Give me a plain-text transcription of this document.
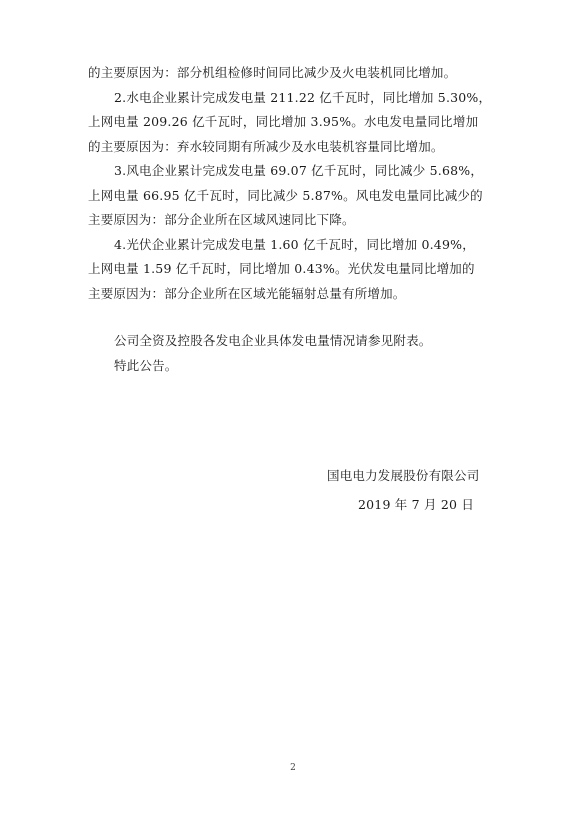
的主要原因为：部分机组检修时间同比减少及火电装机同比增加。
2.水电企业累计完成发电量 211.22 亿千瓦时，同比增加 5.30%，
上网电量 209.26 亿千瓦时，同比增加 3.95%。水电发电量同比增加
的主要原因为：弃水较同期有所减少及水电装机容量同比增加。
3.风电企业累计完成发电量 69.07 亿千瓦时，同比减少 5.68%，
上网电量 66.95 亿千瓦时，同比减少 5.87%。风电发电量同比减少的
主要原因为：部分企业所在区域风速同比下降。
4.光伏企业累计完成发电量 1.60 亿千瓦时，同比增加 0.49%，
上网电量 1.59 亿千瓦时，同比增加 0.43%。光伏发电量同比增加的
主要原因为：部分企业所在区域光能辐射总量有所增加。
公司全资及控股各发电企业具体发电量情况请参见附表。
特此公告。
国电电力发展股份有限公司
2019 年 7 月 20 日
2
